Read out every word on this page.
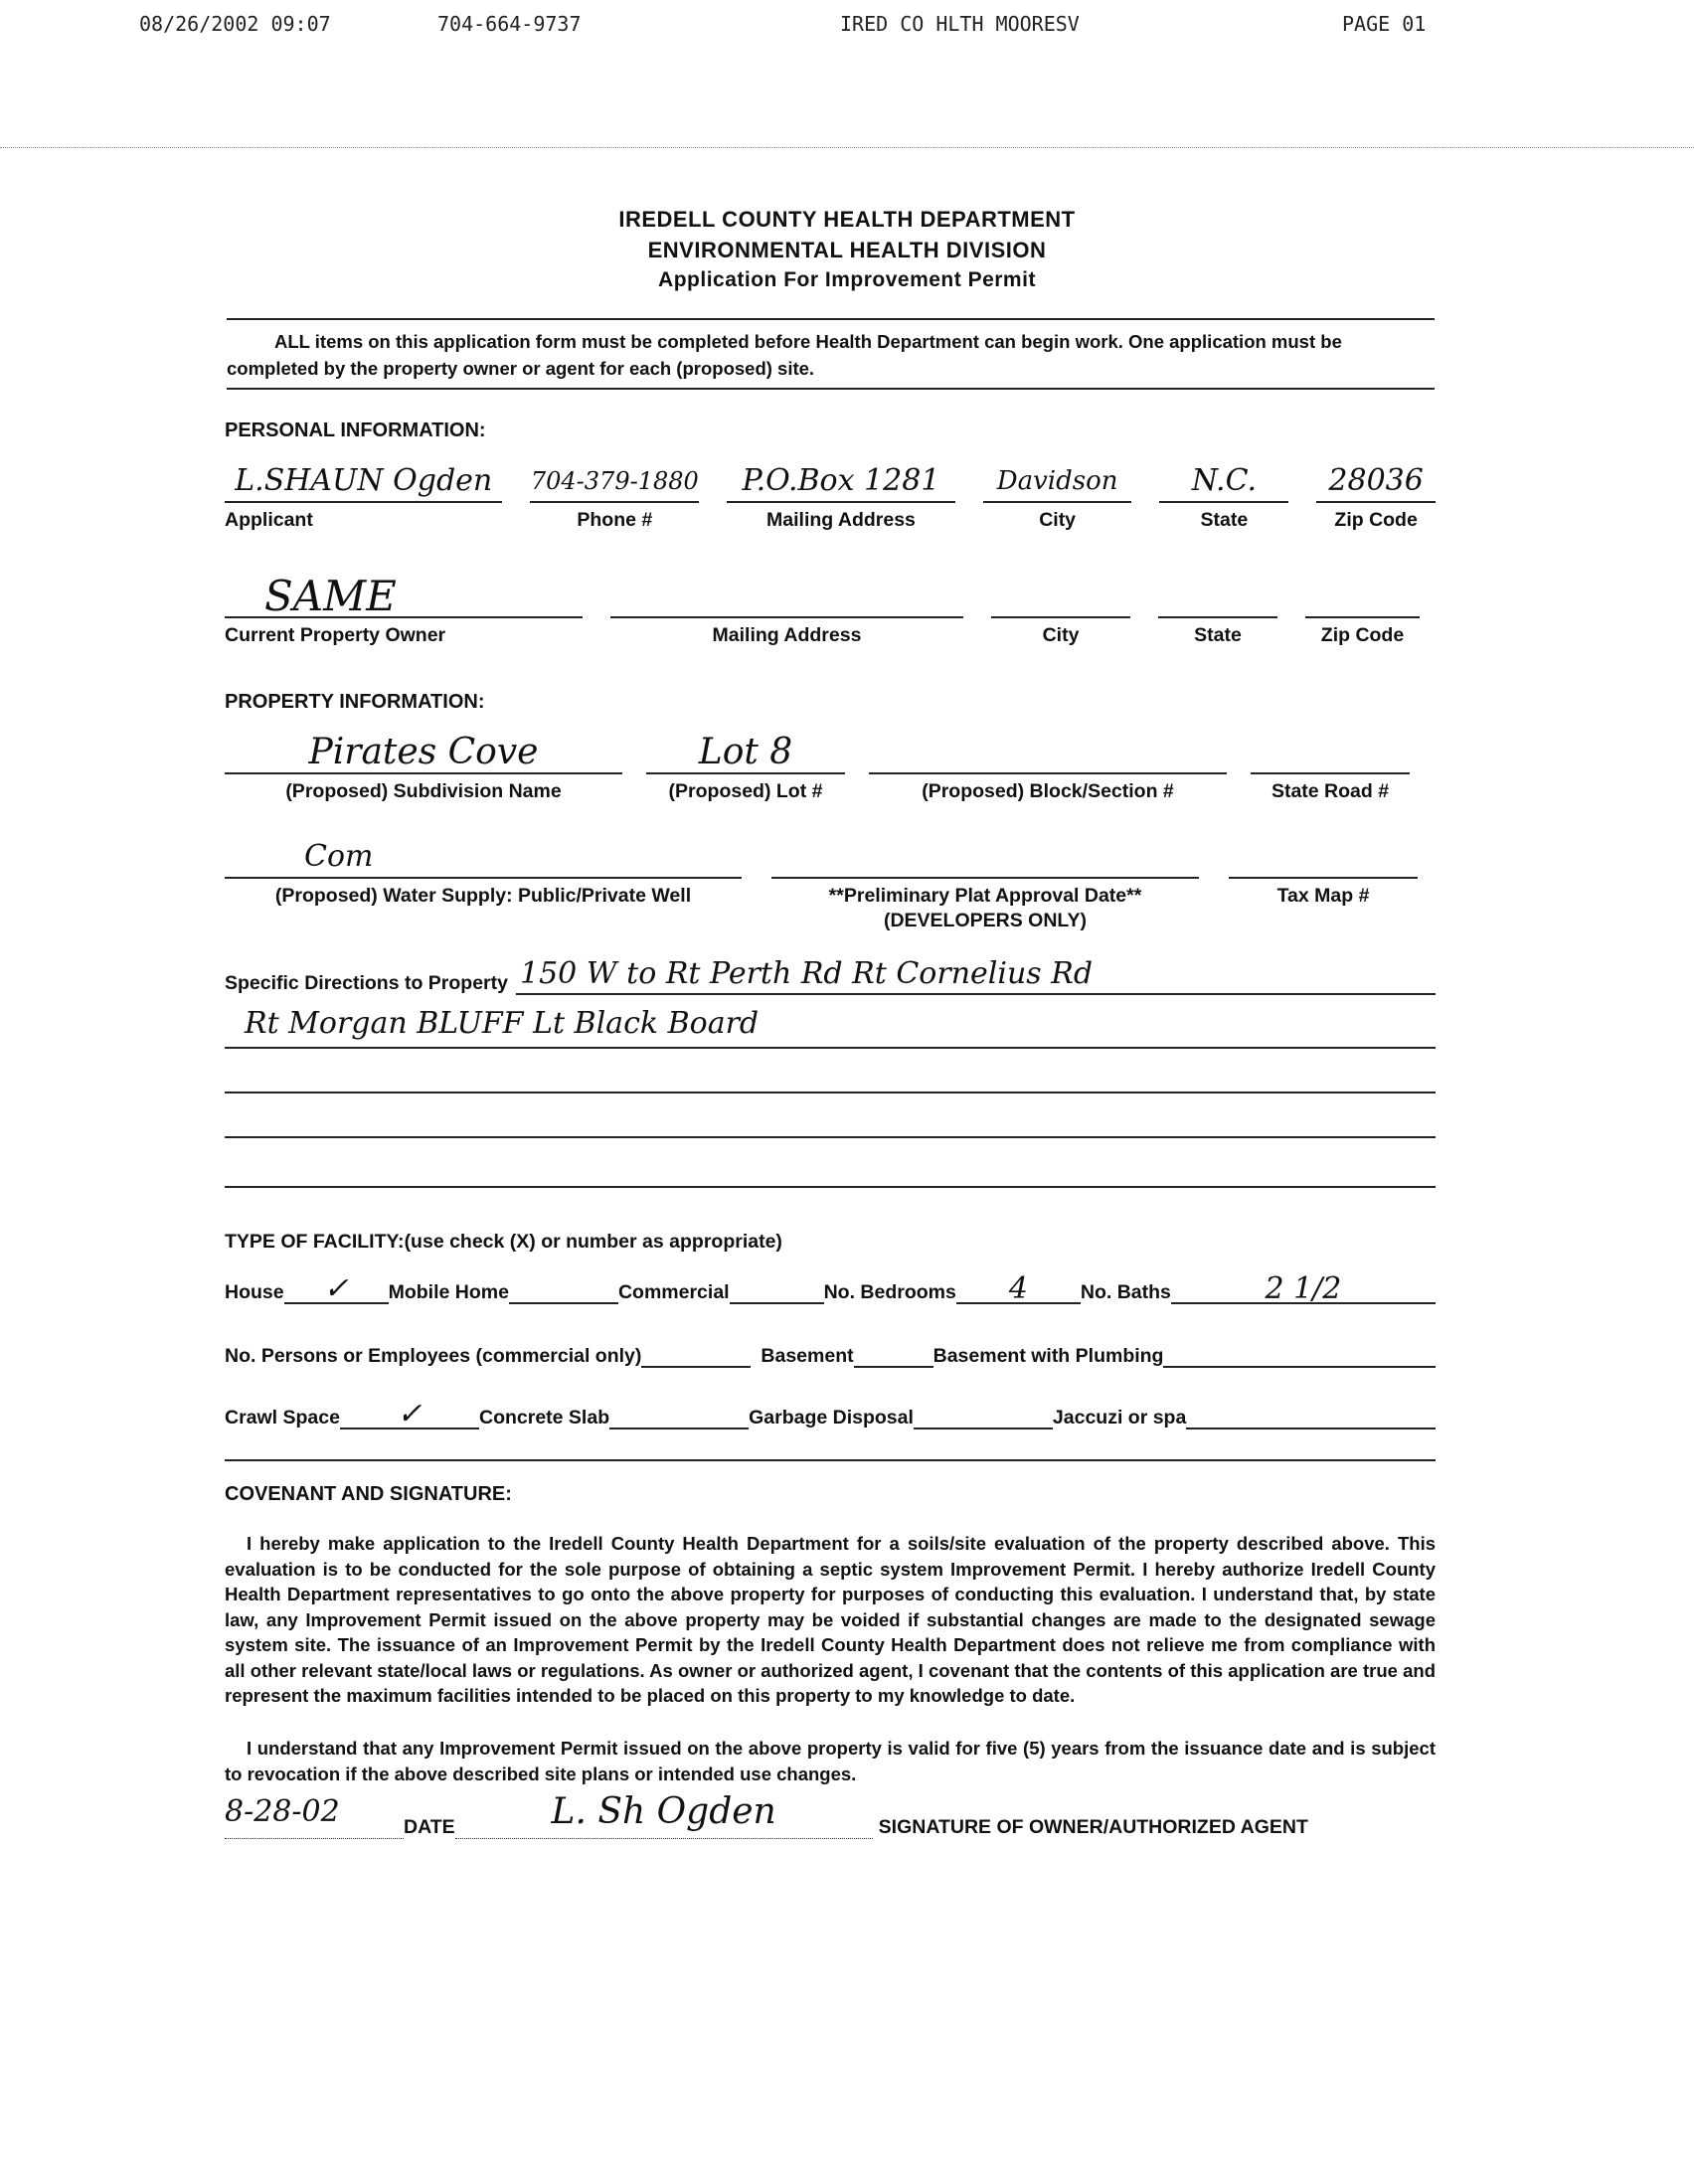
08/26/2002 09:07	704-664-9737	IRED CO HLTH MOORESV	PAGE 01
IREDELL COUNTY HEALTH DEPARTMENT
ENVIRONMENTAL HEALTH DIVISION
Application For Improvement Permit
ALL items on this application form must be completed before Health Department can begin work. One application must be completed by the property owner or agent for each (proposed) site.
PERSONAL INFORMATION:
L.SHAUN Ogden
Applicant
704-379-1880
Phone #
P.O.Box 1281
Mailing Address
Davidson
City
N.C.
State
28036
Zip Code
SAME
Current Property Owner	Mailing Address	City	State	Zip Code
PROPERTY INFORMATION:
Pirates Cove
(Proposed) Subdivision Name
Lot 8
(Proposed) Lot #	(Proposed) Block/Section #	State Road #
Com
(Proposed) Water Supply: Public/Private Well	**Preliminary Plat Approval Date**
(DEVELOPERS ONLY)
Tax Map #
Specific Directions to Property 150 W to Rt Perth Rd Rt Cornelius Rd
Rt Morgan BLUFF Lt Black Board
TYPE OF FACILITY: (use check (X) or number as appropriate)
House	✓	Mobile Home	Commercial	No. Bedrooms	4	No. Baths	2 1/2
No. Persons or Employees (commercial only)	Basement	Basement with Plumbing
Crawl Space	✓	Concrete Slab	Garbage Disposal	Jaccuzi or spa
COVENANT AND SIGNATURE:
I hereby make application to the Iredell County Health Department for a soils/site evaluation of the property described above. This evaluation is to be conducted for the sole purpose of obtaining a septic system Improvement Permit. I hereby authorize Iredell County Health Department representatives to go onto the above property for purposes of conducting this evaluation. I understand that, by state law, any Improvement Permit issued on the above property may be voided if substantial changes are made to the designated sewage system site. The issuance of an Improvement Permit by the Iredell County Health Department does not relieve me from compliance with all other relevant state/local laws or regulations. As owner or authorized agent, I covenant that the contents of this application are true and represent the maximum facilities intended to be placed on this property to my knowledge to date.
I understand that any Improvement Permit issued on the above property is valid for five (5) years from the issuance date and is subject to revocation if the above described site plans or intended use changes.
8-28-02	DATE	L. Sh Ogden	SIGNATURE OF OWNER/AUTHORIZED AGENT
